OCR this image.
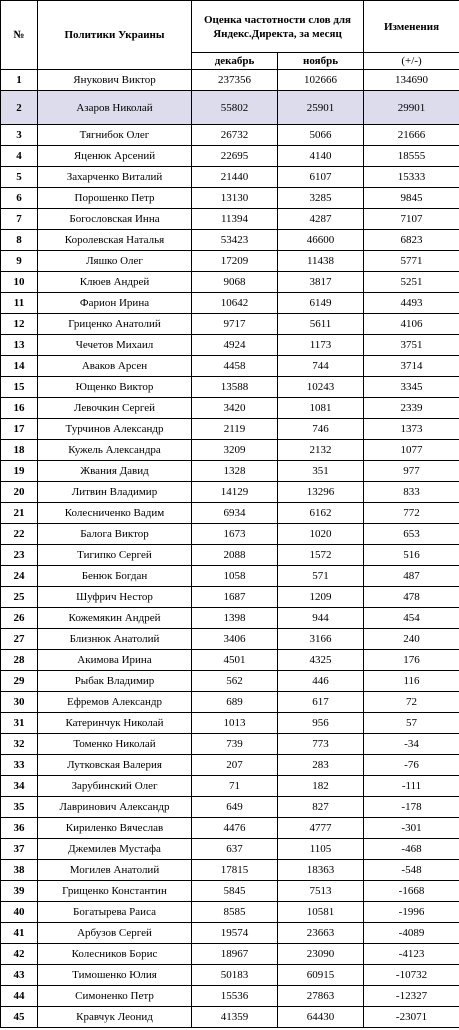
№	Политики Украины	Оценка частотности слов для Яндекс.Директа, за месяц		Изменения
		декабрь	ноябрь	(+/-)
1	Янукович Виктор	237356	102666	134690
2	Азаров Николай	55802	25901	29901
3	Тягнибок Олег	26732	5066	21666
4	Яценюк Арсений	22695	4140	18555
5	Захарченко Виталий	21440	6107	15333
6	Порошенко Петр	13130	3285	9845
7	Богословская Инна	11394	4287	7107
8	Королевская Наталья	53423	46600	6823
9	Ляшко Олег	17209	11438	5771
10	Клюев Андрей	9068	3817	5251
11	Фарион Ирина	10642	6149	4493
12	Гриценко Анатолий	9717	5611	4106
13	Чечетов Михаил	4924	1173	3751
14	Аваков Арсен	4458	744	3714
15	Ющенко Виктор	13588	10243	3345
16	Левочкин Сергей	3420	1081	2339
17	Турчинов Александр	2119	746	1373
18	Кужель Александра	3209	2132	1077
19	Жвания Давид	1328	351	977
20	Литвин Владимир	14129	13296	833
21	Колесниченко Вадим	6934	6162	772
22	Балога Виктор	1673	1020	653
23	Тигипко Сергей	2088	1572	516
24	Бенюк Богдан	1058	571	487
25	Шуфрич Нестор	1687	1209	478
26	Кожемякин Андрей	1398	944	454
27	Близнюк Анатолий	3406	3166	240
28	Акимова Ирина	4501	4325	176
29	Рыбак Владимир	562	446	116
30	Ефремов Александр	689	617	72
31	Катеринчук Николай	1013	956	57
32	Томенко Николай	739	773	-34
33	Лутковская Валерия	207	283	-76
34	Зарубинский Олег	71	182	-111
35	Лавринович Александр	649	827	-178
36	Кириленко Вячеслав	4476	4777	-301
37	Джемилев Мустафа	637	1105	-468
38	Могилев Анатолий	17815	18363	-548
39	Грищенко Константин	5845	7513	-1668
40	Богатырева Раиса	8585	10581	-1996
41	Арбузов Сергей	19574	23663	-4089
42	Колесников Борис	18967	23090	-4123
43	Тимошенко Юлия	50183	60915	-10732
44	Симоненко Петр	15536	27863	-12327
45	Кравчук Леонид	41359	64430	-23071
